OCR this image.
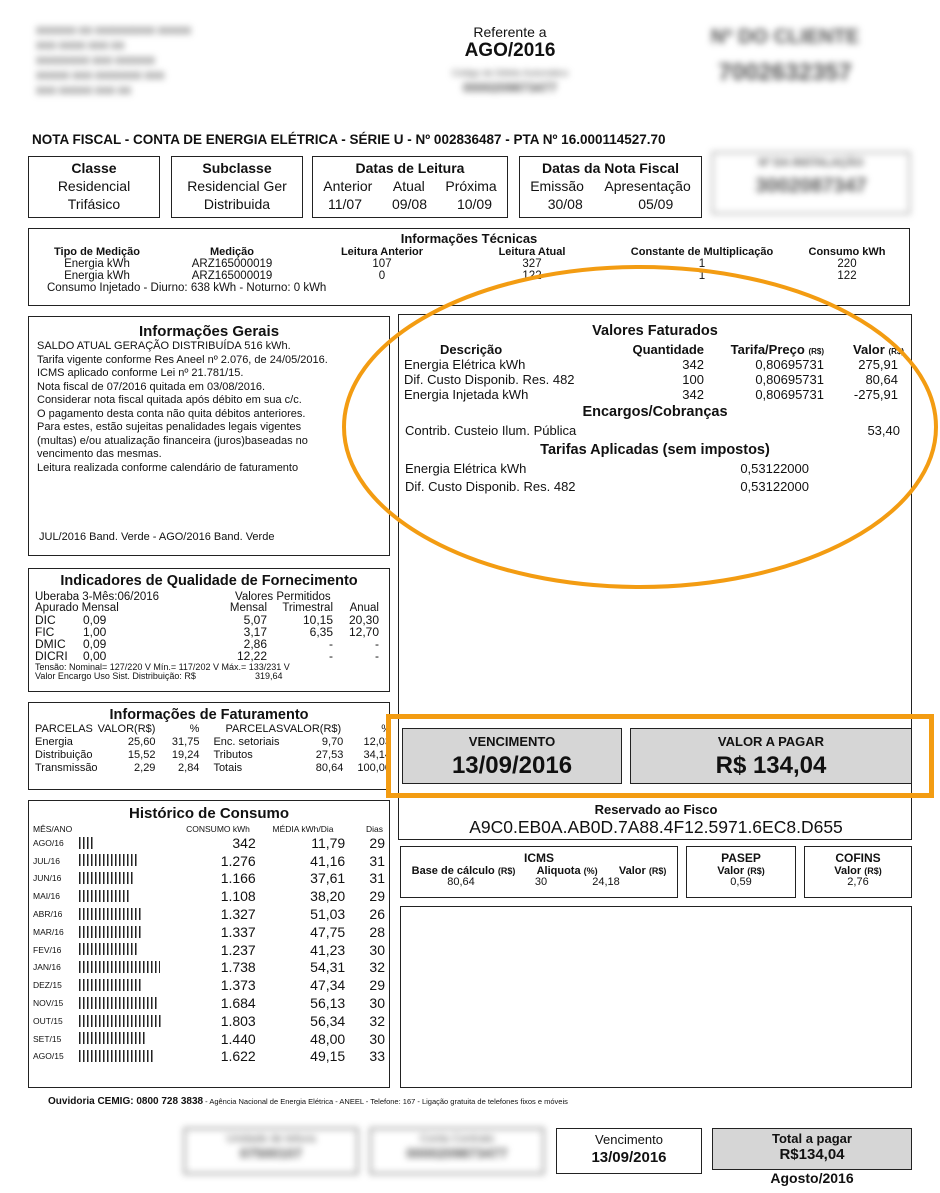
XXXXXX XX XXXXXXXXX XXXXX
XXX XXXX XXX XX
XXXXXXXX XXX XXXXXX
XXXXX XXX XXXXXXX XXX
XXX XXXXX XXX XX
Referente a
AGO/2016
Código de Débito Automático
0000209873477
Nº DO CLIENTE
7002632357
NOTA FISCAL - CONTA DE ENERGIA ELÉTRICA - SÉRIE U - Nº 002836487 - PTA Nº 16.000114527.70
Classe
Residencial
Trifásico
Subclasse
Residencial Ger
Distribuida
Datas de Leitura
Anterior Atual Próxima
11/07 09/08 10/09
Datas da Nota Fiscal
Emissão Apresentação
30/08	05/09
Nº DA INSTALAÇÃO
3002087347
Informações Técnicas
Tipo de Medição	Medição	Leitura Anterior	Leitura Atual	Constante de Multiplicação	Consumo kWh
Energia kWh	ARZ165000019	107	327	1	220
Energia kWh	ARZ165000019	0	122	1	122
Consumo Injetado - Diurno: 638 kWh - Noturno: 0 kWh
Informações Gerais
SALDO ATUAL GERAÇÃO DISTRIBUÍDA 516 kWh.
Tarifa vigente conforme Res Aneel nº 2.076, de 24/05/2016.
ICMS aplicado conforme Lei nº 21.781/15.
Nota fiscal de 07/2016 quitada em 03/08/2016.
Considerar nota fiscal quitada após débito em sua c/c.
O pagamento desta conta não quita débitos anteriores.
Para estes, estão sujeitas penalidades legais vigentes
(multas) e/ou atualização financeira (juros)baseadas no
vencimento das mesmas.
Leitura realizada conforme calendário de faturamento
JUL/2016 Band. Verde - AGO/2016 Band. Verde
Valores Faturados
Descrição	Quantidade	Tarifa/Preço (R$)	Valor (R$)
Energia Elétrica kWh	342	0,80695731	275,91
Dif. Custo Disponib. Res. 482	100	0,80695731	80,64
Energia Injetada kWh	342	0,80695731	-275,91
Encargos/Cobranças
Contrib. Custeio Ilum. Pública	53,40
Tarifas Aplicadas (sem impostos)
Energia Elétrica kWh	0,53122000
Dif. Custo Disponib. Res. 482	0,53122000
Indicadores de Qualidade de Fornecimento
Uberaba 3-Mês:06/2016	Valores Permitidos
Apurado Mensal	Mensal	Trimestral	Anual
DIC	0,09	5,07	10,15	20,30
FIC	1,00	3,17	6,35	12,70
DMIC	0,09	2,86	-	-
DICRI	0,00	12,22	-	-
Tensão: Nominal= 127/220 V Mín.= 117/202 V Máx.= 133/231 V
Valor Encargo Uso Sist. Distribuição: R$	319,64
Informações de Faturamento
PARCELAS	VALOR(R$)	%	PARCELAS	VALOR(R$)	%
Energia	25,60	31,75	Enc. setoriais	9,70	12,03
Distribuição	15,52	19,24	Tributos	27,53	34,14
Transmissão	2,29	2,84	Totais	80,64	100,00
VENCIMENTO
13/09/2016
VALOR A PAGAR
R$ 134,04
Reservado ao Fisco
A9C0.EB0A.AB0D.7A88.4F12.5971.6EC8.D655
ICMS
Base de cálculo (R$) Aliquota (%) Valor (R$)
80,64	30	24,18
PASEP
Valor (R$)
0,59
COFINS
Valor (R$)
2,76
Histórico de Consumo
MÊS/ANO	CONSUMO kWh	MÉDIA kWh/Dia	Dias
AGO/16	342	11,79	29
JUL/16	1.276	41,16	31
JUN/16	1.166	37,61	31
MAI/16	1.108	38,20	29
ABR/16	1.327	51,03	26
MAR/16	1.337	47,75	28
FEV/16	1.237	41,23	30
JAN/16	1.738	54,31	32
DEZ/15	1.373	47,34	29
NOV/15	1.684	56,13	30
OUT/15	1.803	56,34	32
SET/15	1.440	48,00	30
AGO/15	1.622	49,15	33
Ouvidoria CEMIG: 0800 728 3838 - Agência Nacional de Energia Elétrica - ANEEL - Telefone: 167 - Ligação gratuita de telefones fixos e móveis
Unidade de leitura
07500107
Conta Contrato
0000209873477
Vencimento
13/09/2016
Total a pagar
R$134,04
Agosto/2016
